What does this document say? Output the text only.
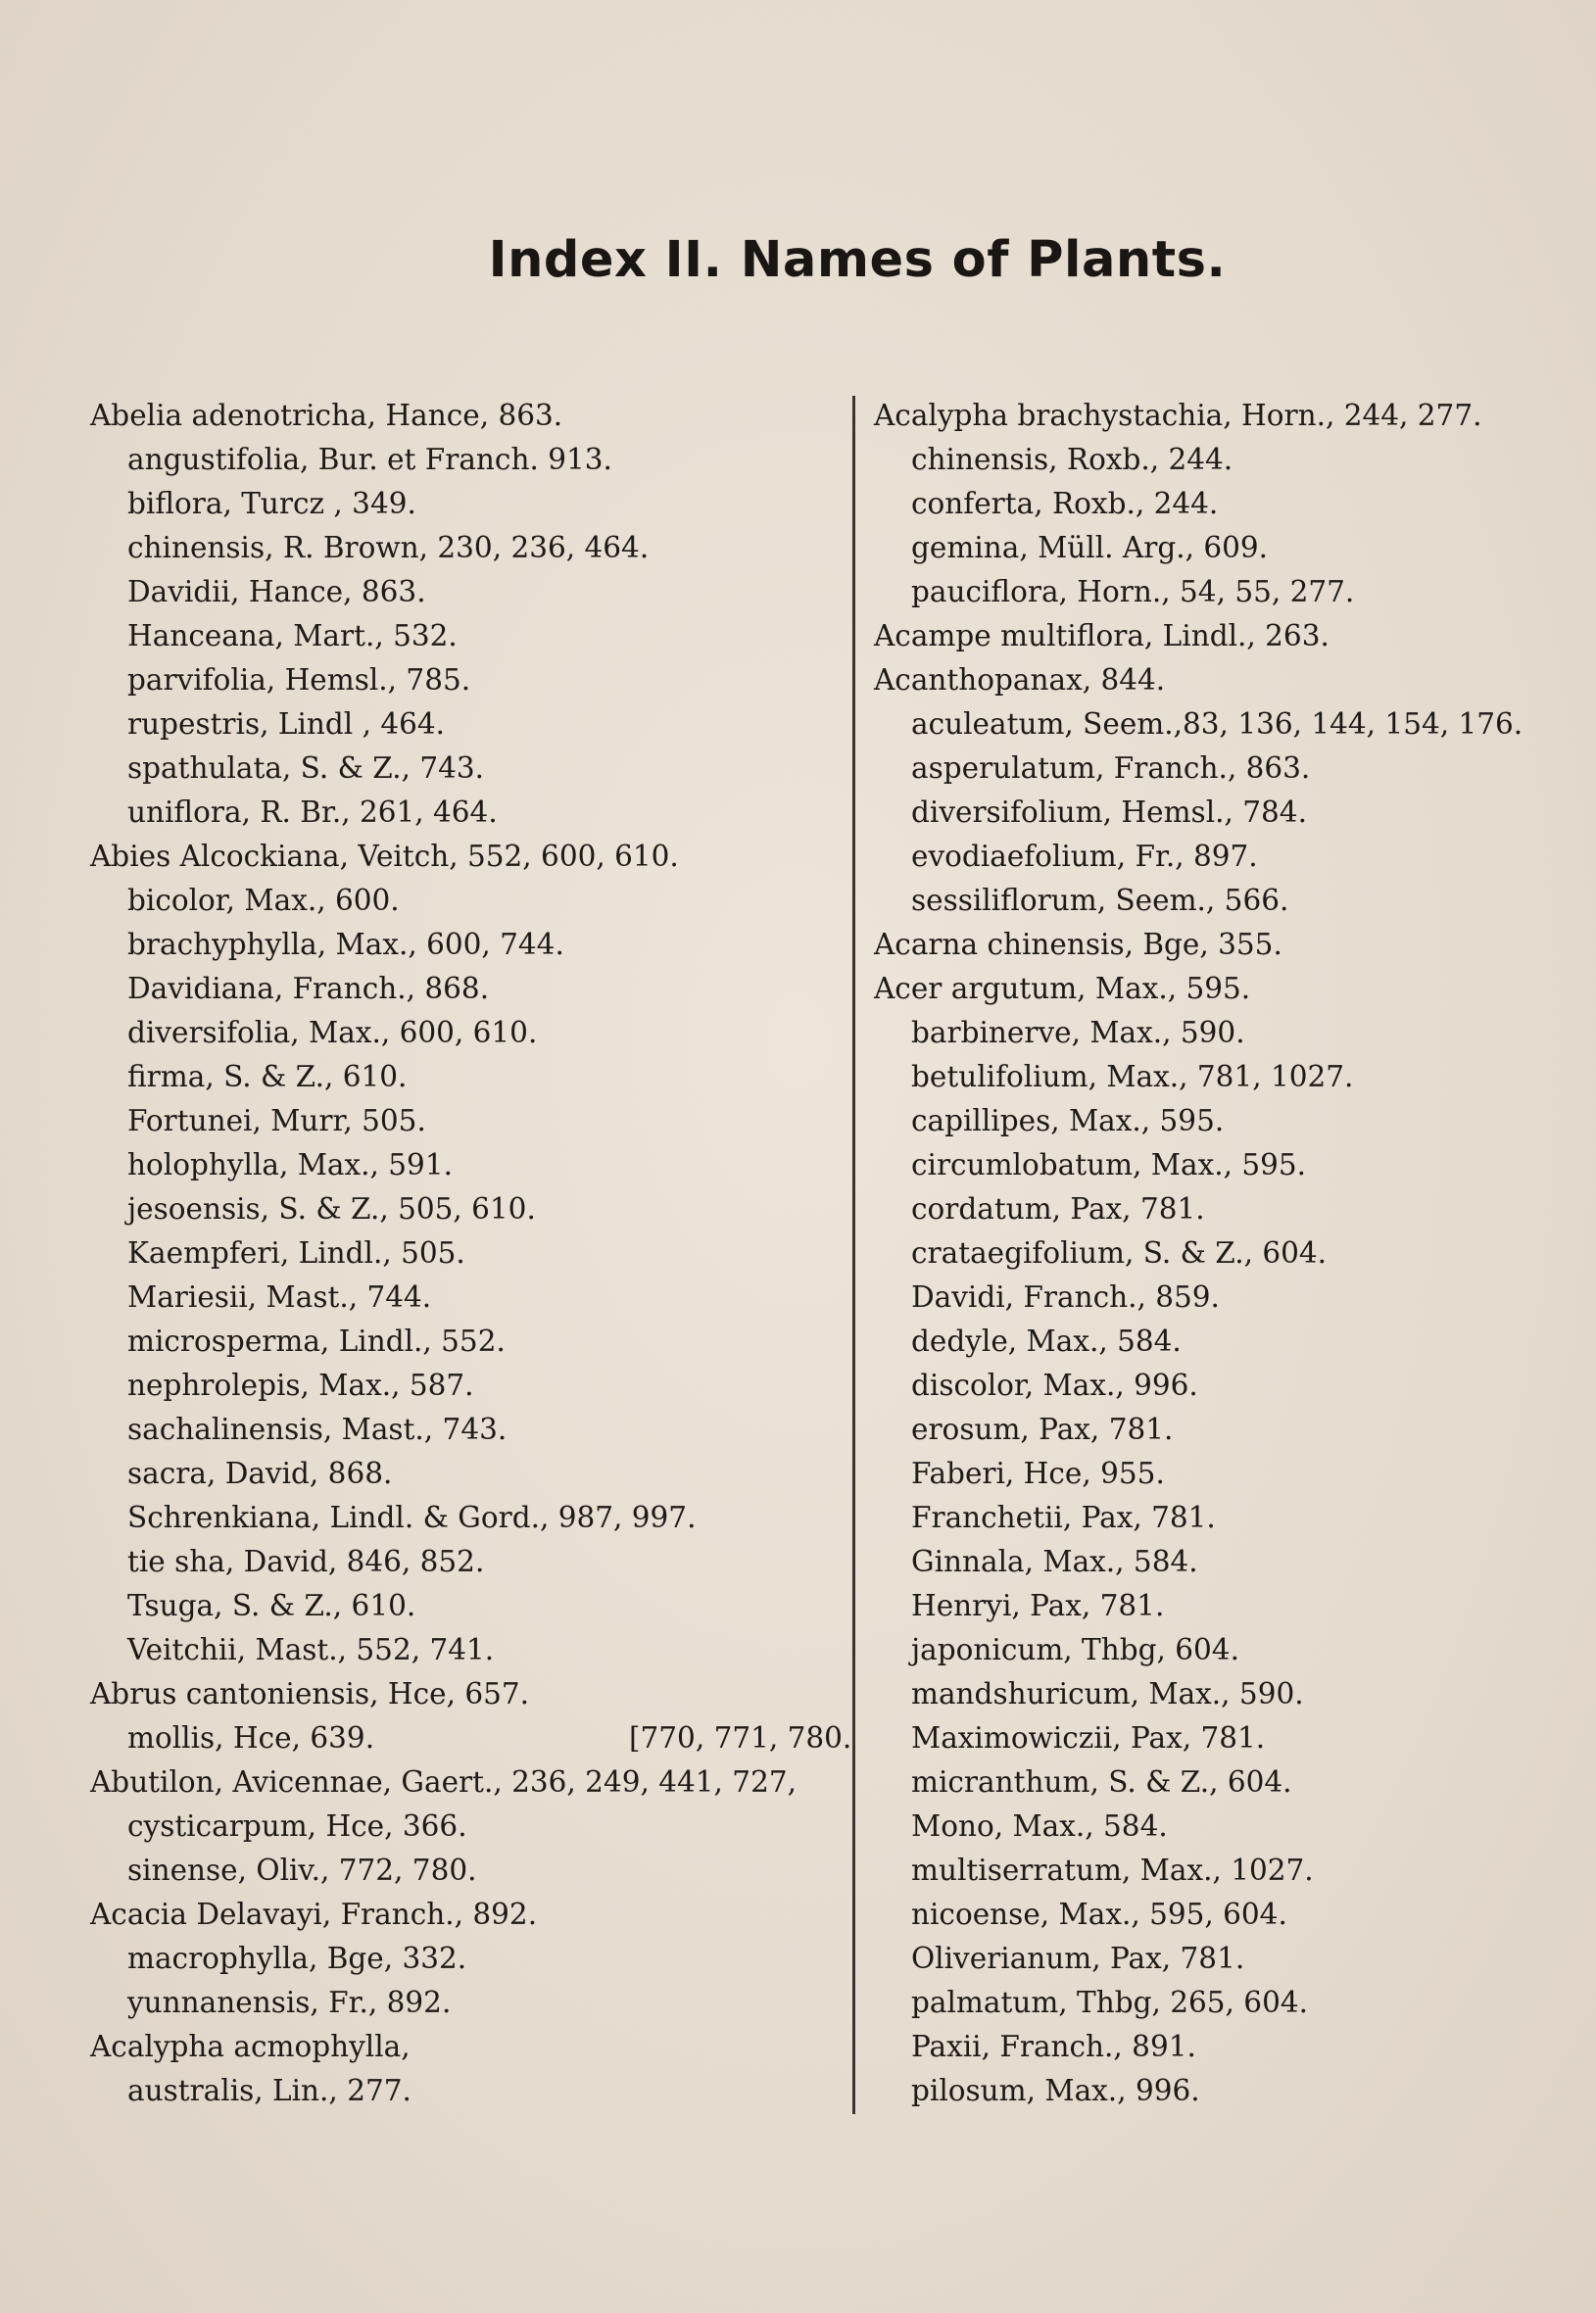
Index II. Names of Plants.
Abelia adenotricha, Hance, 863.
angustifolia, Bur. et Franch. 913.
biflora, Turcz , 349.
chinensis, R. Brown, 230, 236, 464.
Davidii, Hance, 863.
Hanceana, Mart., 532.
parvifolia, Hemsl., 785.
rupestris, Lindl , 464.
spathulata, S. & Z., 743.
uniflora, R. Br., 261, 464.
Abies Alcockiana, Veitch, 552, 600, 610.
bicolor, Max., 600.
brachyphylla, Max., 600, 744.
Davidiana, Franch., 868.
diversifolia, Max., 600, 610.
firma, S. & Z., 610.
Fortunei, Murr, 505.
holophylla, Max., 591.
jesoensis, S. & Z., 505, 610.
Kaempferi, Lindl., 505.
Mariesii, Mast., 744.
microsperma, Lindl., 552.
nephrolepis, Max., 587.
sachalinensis, Mast., 743.
sacra, David, 868.
Schrenkiana, Lindl. & Gord., 987, 997.
tie sha, David, 846, 852.
Tsuga, S. & Z., 610.
Veitchii, Mast., 552, 741.
Abrus cantoniensis, Hce, 657.
mollis, Hce, 639.	[770, 771, 780.
Abutilon, Avicennae, Gaert., 236, 249, 441, 727,
cysticarpum, Hce, 366.
sinense, Oliv., 772, 780.
Acacia Delavayi, Franch., 892.
macrophylla, Bge, 332.
yunnanensis, Fr., 892.
Acalypha acmophylla,
australis, Lin., 277.
Acalypha brachystachia, Horn., 244, 277.
chinensis, Roxb., 244.
conferta, Roxb., 244.
gemina, Müll. Arg., 609.
pauciflora, Horn., 54, 55, 277.
Acampe multiflora, Lindl., 263.
Acanthopanax, 844.
aculeatum, Seem.,83, 136, 144, 154, 176.
asperulatum, Franch., 863.
diversifolium, Hemsl., 784.
evodiaefolium, Fr., 897.
sessiliflorum, Seem., 566.
Acarna chinensis, Bge, 355.
Acer argutum, Max., 595.
barbinerve, Max., 590.
betulifolium, Max., 781, 1027.
capillipes, Max., 595.
circumlobatum, Max., 595.
cordatum, Pax, 781.
crataegifolium, S. & Z., 604.
Davidi, Franch., 859.
dedyle, Max., 584.
discolor, Max., 996.
erosum, Pax, 781.
Faberi, Hce, 955.
Franchetii, Pax, 781.
Ginnala, Max., 584.
Henryi, Pax, 781.
japonicum, Thbg, 604.
mandshuricum, Max., 590.
Maximowiczii, Pax, 781.
micranthum, S. & Z., 604.
Mono, Max., 584.
multiserratum, Max., 1027.
nicoense, Max., 595, 604.
Oliverianum, Pax, 781.
palmatum, Thbg, 265, 604.
Paxii, Franch., 891.
pilosum, Max., 996.
